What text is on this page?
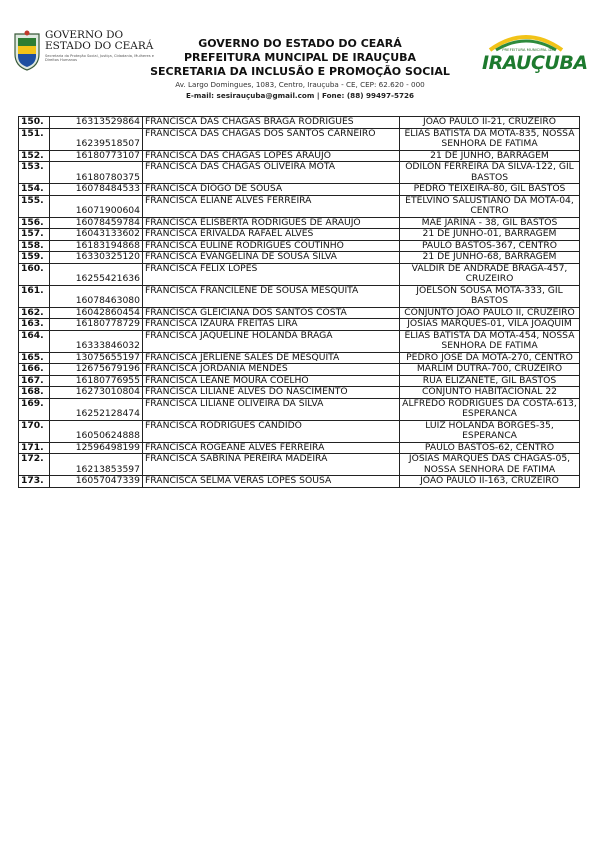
GOVERNO DO
ESTADO DO CEARÁ
Secretaria da Proteção Social, Justiça, Cidadania, Mulheres e Direitos Humanos
GOVERNO DO ESTADO DO CEARÁ
PREFEITURA MUNCIPAL DE IRAUÇUBA
SECRETARIA DA INCLUSÃO E PROMOÇÃO SOCIAL
Av. Largo Domingues, 1083, Centro, Irauçuba - CE, CEP: 62.620 - 000
E-mail: sesirauçuba@gmail.com | Fone: (88) 99497-5726
PREFEITURA MUNICIPAL DE
IRAUÇUBA
150.	16313529864	FRANCISCA DAS CHAGAS BRAGA RODRIGUES	JOAO PAULO II-21, CRUZEIRO
151.	16239518507	FRANCISCA DAS CHAGAS DOS SANTOS CARNEIRO	ELIAS BATISTA DA MOTA-835, NOSSA SENHORA DE FATIMA
152.	16180773107	FRANCISCA DAS CHAGAS LOPES ARAUJO	21 DE JUNHO, BARRAGEM
153.	16180780375	FRANCISCA DAS CHAGAS OLIVEIRA MOTA	ODILON FERREIRA DA SILVA-122, GIL BASTOS
154.	16078484533	FRANCISCA DIOGO DE SOUSA	PEDRO TEIXEIRA-80, GIL BASTOS
155.	16071900604	FRANCISCA ELIANE ALVES FERREIRA	ETELVINO SALUSTIANO DA MOTA-04, CENTRO
156.	16078459784	FRANCISCA ELISBERTA RODRIGUES DE ARAUJO	MAE JARINA - 38, GIL BASTOS
157.	16043133602	FRANCISCA ERIVALDA RAFAEL ALVES	21 DE JUNHO-01, BARRAGEM
158.	16183194868	FRANCISCA EULINE RODRIGUES COUTINHO	PAULO BASTOS-367, CENTRO
159.	16330325120	FRANCISCA EVANGELINA DE SOUSA SILVA	21 DE JUNHO-68, BARRAGEM
160.	16255421636	FRANCISCA FELIX LOPES	VALDIR DE ANDRADE BRAGA-457, CRUZEIRO
161.	16078463080	FRANCISCA FRANCILENE DE SOUSA MESQUITA	JOELSON SOUSA MOTA-333, GIL BASTOS
162.	16042860454	FRANCISCA GLEICIANA DOS SANTOS COSTA	CONJUNTO JOAO PAULO II, CRUZEIRO
163.	16180778729	FRANCISCA IZAURA FREITAS LIRA	JOSIAS MARQUES-01, VILA JOAQUIM
164.	16333846032	FRANCISCA JAQUELINE HOLANDA BRAGA	ELIAS BATISTA DA MOTA-454, NOSSA SENHORA DE FATIMA
165.	13075655197	FRANCISCA JERLIENE SALES DE MESQUITA	PEDRO JOSE DA MOTA-270, CENTRO
166.	12675679196	FRANCISCA JORDANIA MENDES	MARLIM DUTRA-700, CRUZEIRO
167.	16180776955	FRANCISCA LEANE MOURA COELHO	RUA ELIZANETE, GIL BASTOS
168.	16273010804	FRANCISCA LILIANE ALVES DO NASCIMENTO	CONJUNTO HABITACIONAL 22
169.	16252128474	FRANCISCA LILIANE OLIVEIRA DA SILVA	ALFREDO RODRIGUES DA COSTA-613, ESPERANCA
170.	16050624888	FRANCISCA RODRIGUES CANDIDO	LUIZ HOLANDA BORGES-35, ESPERANCA
171.	12596498199	FRANCISCA ROGEANE ALVES FERREIRA	PAULO BASTOS-62, CENTRO
172.	16213853597	FRANCISCA SABRINA PEREIRA MADEIRA	JOSIAS MARQUES DAS CHAGAS-05, NOSSA SENHORA DE FATIMA
173.	16057047339	FRANCISCA SELMA VERAS LOPES SOUSA	JOAO PAULO II-163, CRUZEIRO
